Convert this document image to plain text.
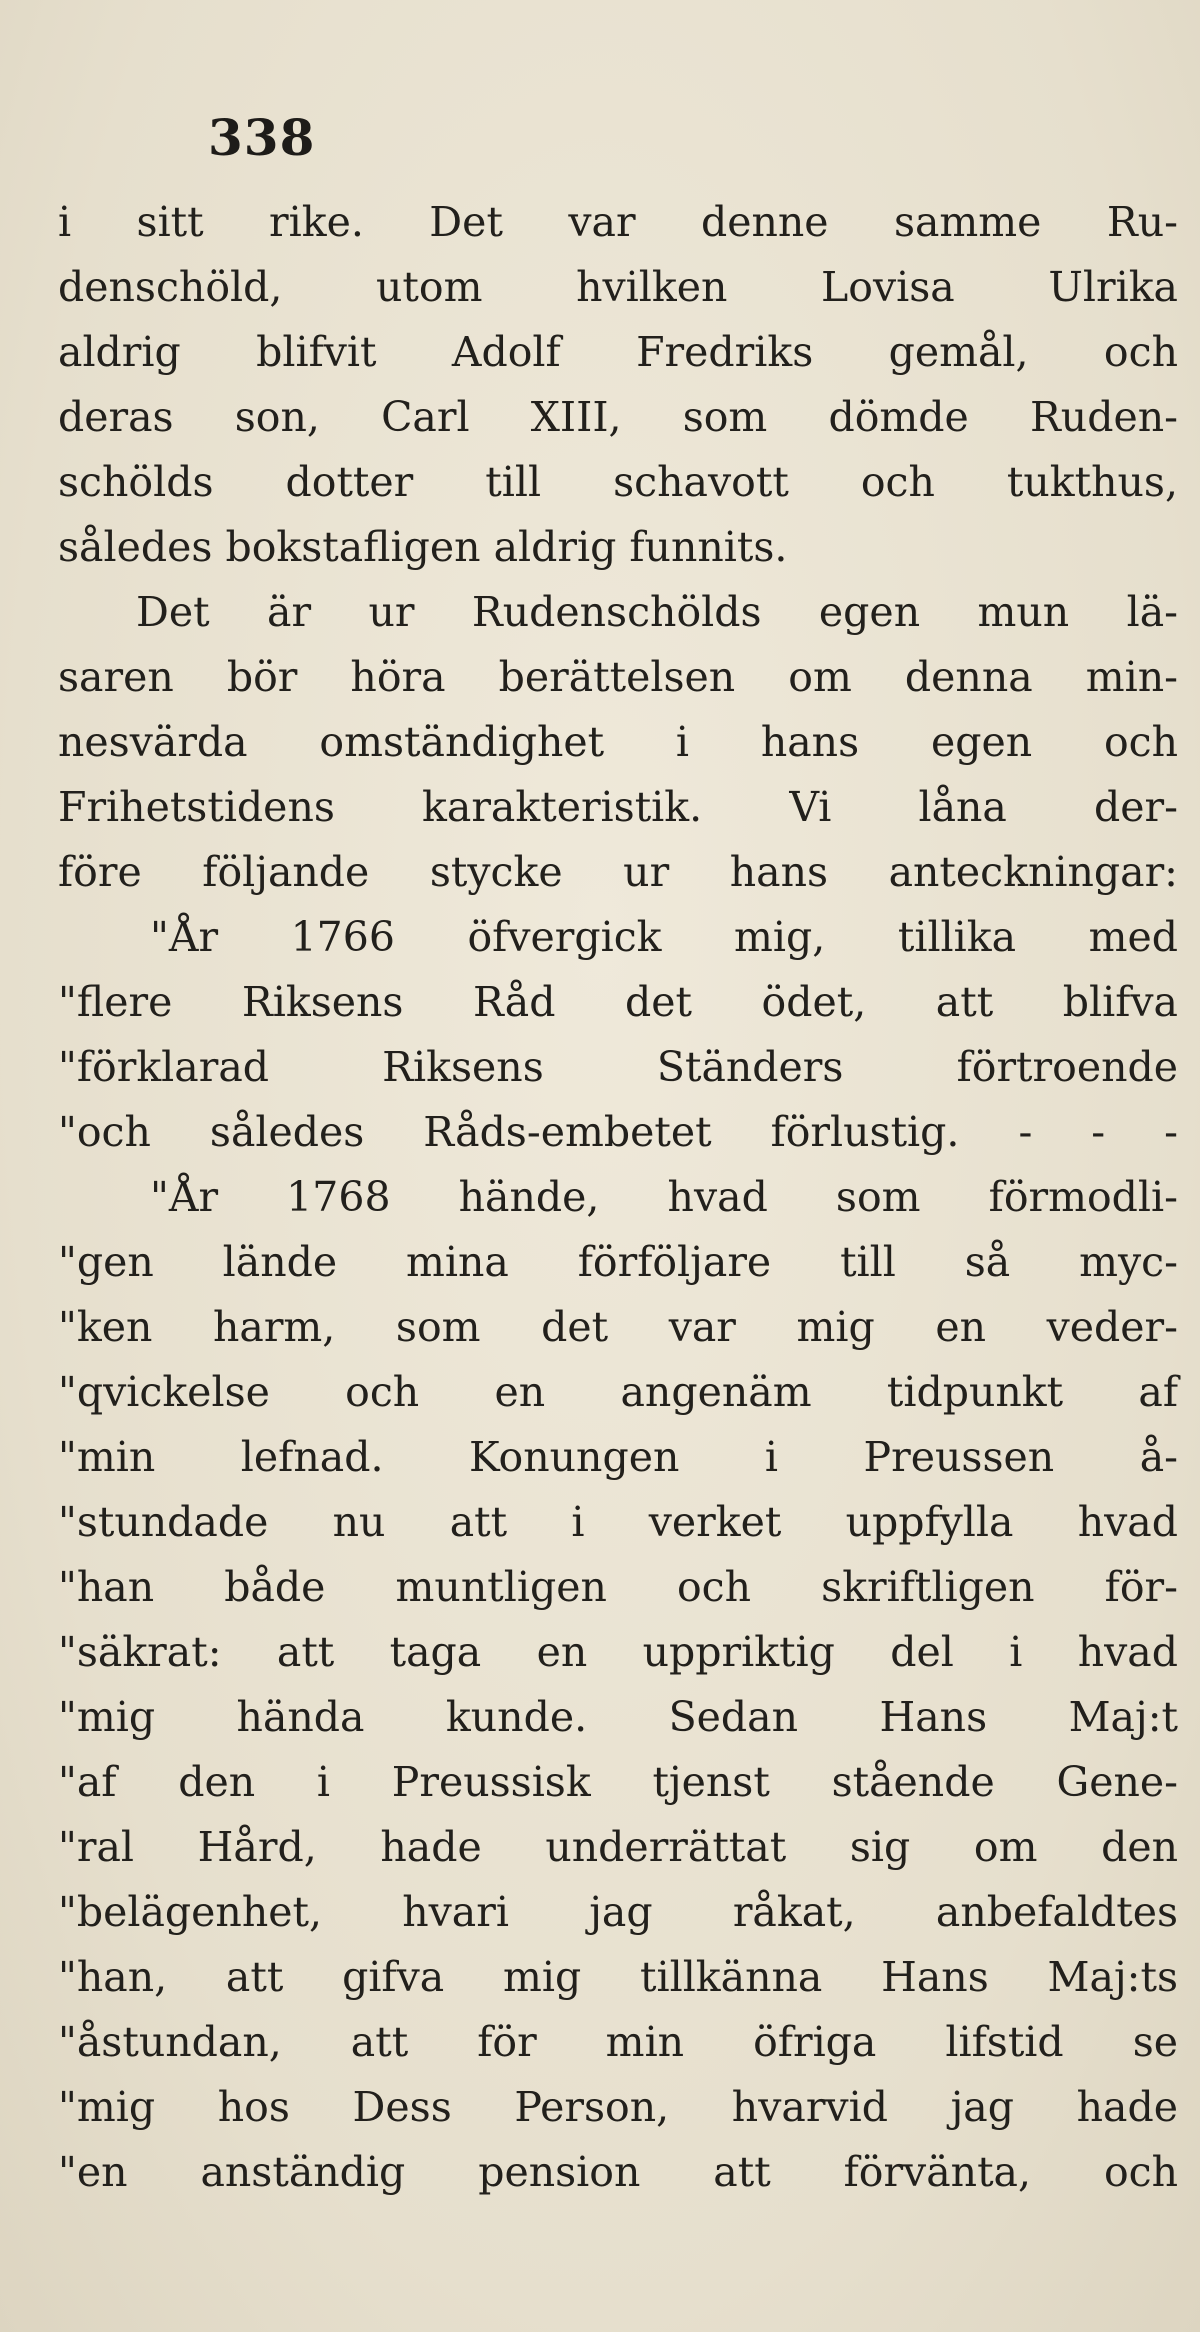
338
i sitt rike. Det var denne samme Ru-
denschöld, utom hvilken Lovisa Ulrika
aldrig blifvit Adolf Fredriks gemål, och
deras son, Carl XIII, som dömde Ruden-
schölds dotter till schavott och tukthus,
således bokstafligen aldrig funnits.
Det är ur Rudenschölds egen mun lä-
saren bör höra berättelsen om denna min-
nesvärda omständighet i hans egen och
Frihetstidens karakteristik. Vi låna der-
före följande stycke ur hans anteckningar:
"År 1766 öfvergick mig, tillika med
"flere Riksens Råd det ödet, att blifva
"förklarad Riksens Ständers förtroende
"och således Råds-embetet förlustig. - - -
"År 1768 hände, hvad som förmodli-
"gen lände mina förföljare till så myc-
"ken harm, som det var mig en veder-
"qvickelse och en angenäm tidpunkt af
"min lefnad. Konungen i Preussen å-
"stundade nu att i verket uppfylla hvad
"han både muntligen och skriftligen för-
"säkrat: att taga en uppriktig del i hvad
"mig hända kunde. Sedan Hans Maj:t
"af den i Preussisk tjenst stående Gene-
"ral Hård, hade underrättat sig om den
"belägenhet, hvari jag råkat, anbefaldtes
"han, att gifva mig tillkänna Hans Maj:ts
"åstundan, att för min öfriga lifstid se
"mig hos Dess Person, hvarvid jag hade
"en anständig pension att förvänta, och
